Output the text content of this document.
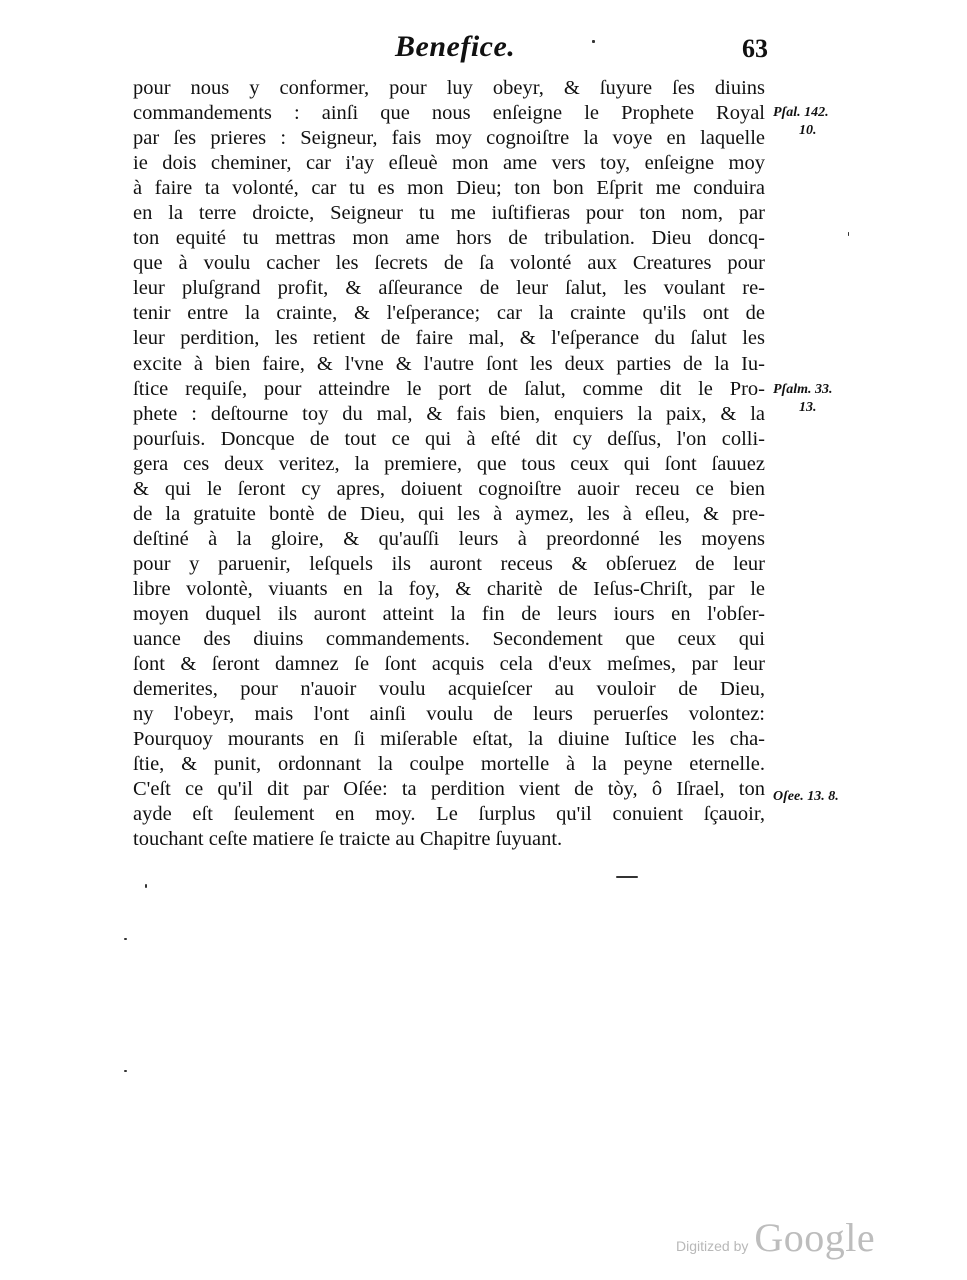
Benefice.	63
pour nous y conformer, pour luy obeyr, & ſuyure ſes diuins
commandements : ainſi que nous enſeigne le Prophete Royal
par ſes prieres : Seigneur, fais moy cognoiſtre la voye en laquelle
ie dois cheminer, car i'ay eſleuè mon ame vers toy, enſeigne moy
à faire ta volonté, car tu es mon Dieu; ton bon Eſprit me conduira
en la terre droicte, Seigneur tu me iuſtifieras pour ton nom, par
ton equité tu mettras mon ame hors de tribulation. Dieu doncq-
que à voulu cacher les ſecrets de ſa volonté aux Creatures pour
leur pluſgrand profit, & aſſeurance de leur ſalut, les voulant re-
tenir entre la crainte, & l'eſperance; car la crainte qu'ils ont de
leur perdition, les retient de faire mal, & l'eſperance du ſalut les
excite à bien faire, & l'vne & l'autre ſont les deux parties de la Iu-
ſtice requiſe, pour atteindre le port de ſalut, comme dit le Pro-
phete : deſtourne toy du mal, & fais bien, enquiers la paix, & la
pourſuis. Doncque de tout ce qui à eſté dit cy deſſus, l'on colli-
gera ces deux veritez, la premiere, que tous ceux qui ſont ſauuez
& qui le ſeront cy apres, doiuent cognoiſtre auoir receu ce bien
de la gratuite bontè de Dieu, qui les à aymez, les à eſleu, & pre-
deſtiné à la gloire, & qu'auſſi leurs à preordonné les moyens
pour y paruenir, leſquels ils auront receus & obſeruez de leur
libre volontè, viuants en la foy, & charitè de Ieſus-Chriſt, par le
moyen duquel ils auront atteint la fin de leurs iours en l'obſer-
uance des diuins commandements. Secondement que ceux qui
ſont & ſeront damnez ſe ſont acquis cela d'eux meſmes, par leur
demerites, pour n'auoir voulu acquieſcer au vouloir de Dieu,
ny l'obeyr, mais l'ont ainſi voulu de leurs peruerſes volontez:
Pourquoy mourants en ſi miſerable eſtat, la diuine Iuſtice les cha-
ſtie, & punit, ordonnant la coulpe mortelle à la peyne eternelle.
C'eſt ce qu'il dit par Oſée: ta perdition vient de tòy, ô Iſrael, ton
ayde eſt ſeulement en moy. Le ſurplus qu'il conuient ſçauoir,
touchant ceſte matiere ſe traicte au Chapitre ſuyuant.
Pſal. 142.
10.
Pſalm. 33.
13.
Oſee. 13. 8.
Digitized by Google
